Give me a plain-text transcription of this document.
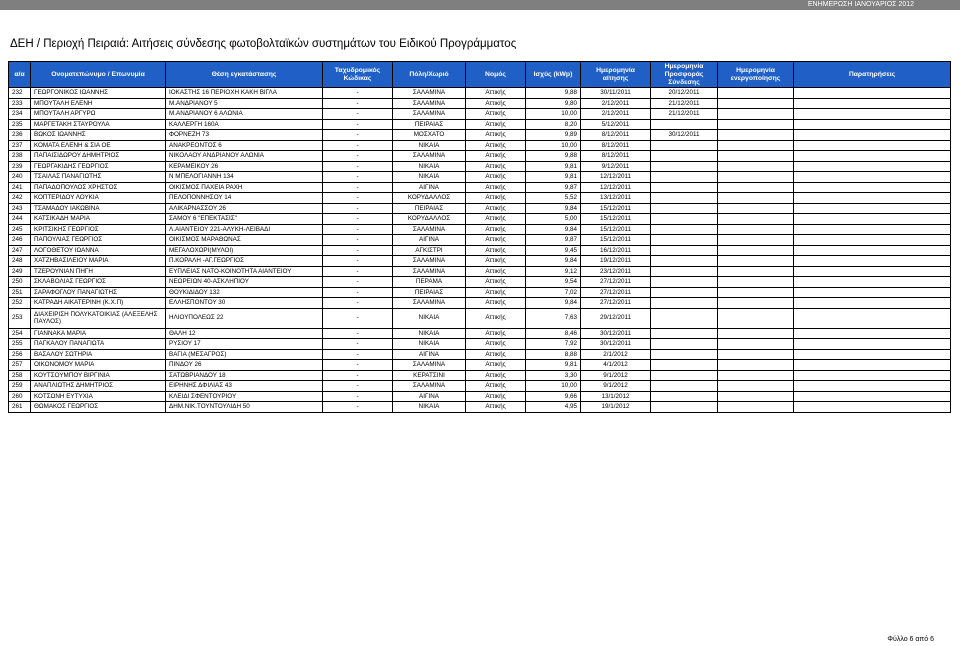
ΕΝΗΜΕΡΩΣΗ ΙΑΝΟΥΑΡΙΟΣ 2012
ΔΕΗ / Περιοχή Πειραιά: Αιτήσεις σύνδεσης φωτοβολταϊκών συστημάτων του Ειδικού Προγράμματος
α/α	Ονοματεπώνυμο / Επωνυμία	Θέση εγκατάστασης	Ταχυδρομικός Κώδικας	Πόλη/Χωριό	Νομός	Ισχύς (kWp)	Ημερομηνία αίτησης	Ημερομηνία Προσφοράς Σύνδεσης	Ημερομηνία ενεργοποίησης	Παρατηρήσεις
232	ΓΕΩΡΓΟΝΙΚΟΣ ΙΩΑΝΝΗΣ	ΙΟΚΑΣΤΗΣ 16 ΠΕΡΙΟΧΗ ΚΑΚΗ ΒΙΓΛΑ	-	ΣΑΛΑΜΙΝΑ	Αττικής	9,88	30/11/2011	20/12/2011		
233	ΜΠΟΥΤΑΛΗ ΕΛΕΝΗ	Μ.ΑΝΔΡΙΑΝΟΥ 5	-	ΣΑΛΑΜΙΝΑ	Αττικής	9,80	2/12/2011	21/12/2011		
234	ΜΠΟΥΤΑΛΗ ΑΡΓΥΡΩ	Μ.ΑΝΔΡΙΑΝΟΥ 6 ΑΛΩΝΙΑ	-	ΣΑΛΑΜΙΝΑ	Αττικής	10,00	2/12/2011	21/12/2011		
235	ΜΑΡΓΕΤΑΚΗ ΣΤΑΥΡΟΥΛΑ	ΚΑΛΛΕΡΓΗ 160Α	-	ΠΕΙΡΑΙΑΣ	Αττικής	8,20	5/12/2011			
236	ΒΩΚΟΣ ΙΩΑΝΝΗΣ	ΦΟΡΝΕΖΗ 73	-	ΜΟΣΧΑΤΟ	Αττικής	9,89	8/12/2011	30/12/2011		
237	ΚΟΜΑΤΑ ΕΛΕΝΗ & ΣΙΑ ΟΕ	ΑΝΑΚΡΕΟΝΤΟΣ 6	-	ΝΙΚΑΙΑ	Αττικής	10,00	8/12/2011			
238	ΠΑΠΑΙΣΙΔΩΡΟΥ ΔΗΜΗΤΡΙΟΣ	ΝΙΚΟΛΑΟΥ ΑΝΔΡΙΑΝΟΥ ΑΛΩΝΙΑ	-	ΣΑΛΑΜΙΝΑ	Αττικής	9,88	8/12/2011			
239	ΓΕΩΡΓΑΚΙΔΗΣ ΓΕΩΡΓΙΟΣ	ΚΕΡΑΜΕΙΚΟΥ 26	-	ΝΙΚΑΙΑ	Αττικής	9,81	9/12/2011			
240	ΤΣΑΙΛΑΣ ΠΑΝΑΓΙΩΤΗΣ	Ν ΜΠΕΛΟΓΙΑΝΝΗ 134	-	ΝΙΚΑΙΑ	Αττικής	9,81	12/12/2011			
241	ΠΑΠΑΔΟΠΟΥΛΟΣ ΧΡΗΣΤΟΣ	ΟΙΚΙΣΜΟΣ ΠΑΧΕΙΑ ΡΑΧΗ	-	ΑΙΓΙΝΑ	Αττικής	9,87	12/12/2011			
242	ΚΟΠΤΕΡΙΔΟΥ ΛΟΥΚΙΑ	ΠΕΛΟΠΟΝΝΗΣΟΥ 14	-	ΚΟΡΥΔΑΛΛΟΣ	Αττικής	5,52	13/12/2011			
243	ΤΣΑΜΑΔΟΥ ΙΑΚΩΒΙΝΑ	ΑΛΙΚΑΡΝΑΣΣΟΥ 26	-	ΠΕΙΡΑΙΑΣ	Αττικής	9,84	15/12/2011			
244	ΚΑΤΣΙΚΑΔΗ ΜΑΡΙΑ	ΣΑΜΟΥ 6 "ΕΠΕΚΤΑΣΙΣ"	-	ΚΟΡΥΔΑΛΛΟΣ	Αττικής	5,00	15/12/2011			
245	ΚΡΙΤΣΙΚΗΣ ΓΕΩΡΓΙΟΣ	Λ.ΑΙΑΝΤΕΙΟΥ 221-ΑΛΥΚΗ-ΛΕΙΒΑΔΙ	-	ΣΑΛΑΜΙΝΑ	Αττικής	9,84	15/12/2011			
246	ΠΑΠΟΥΛΙΑΣ ΓΕΩΡΓΙΟΣ	ΟΙΚΙΣΜΟΣ ΜΑΡΑΘΩΝΑΣ	-	ΑΙΓΙΝΑ	Αττικής	9,87	15/12/2011			
247	ΛΟΓΟΘΕΤΟΥ ΙΩΑΝΝΑ	ΜΕΓΑΛΟΧΩΡΙ(ΜΥΛΟΙ)	-	ΑΓΚΙΣΤΡΙ	Αττικής	9,45	16/12/2011			
248	ΧΑΤΖΗΒΑΣΙΛΕΙΟΥ ΜΑΡΙΑ	Π.ΚΟΡΑΛΗ -ΑΓ.ΓΕΩΡΓΙΟΣ	-	ΣΑΛΑΜΙΝΑ	Αττικής	9,84	19/12/2011			
249	ΤΖΕΡΟΥΝΙΑΝ ΠΗΓΗ	ΕΥΠΛΕΙΑΣ ΝΑΤΟ-ΚΟΙΝΟΤΗΤΑ ΑΙΑΝΤΕΙΟΥ	-	ΣΑΛΑΜΙΝΑ	Αττικής	9,12	23/12/2011			
250	ΣΚΛΑΒΟΛΙΑΣ ΓΕΩΡΓΙΟΣ	ΝΕΩΡΕΙΩΝ 40-ΑΣΚΛΗΠΙΟΥ	-	ΠΕΡΑΜΑ	Αττικής	9,54	27/12/2011			
251	ΣΑΡΑΦΟΓΛΟΥ ΠΑΝΑΓΙΩΤΗΣ	ΘΟΥΚΙΔΙΔΟΥ 132	-	ΠΕΙΡΑΙΑΣ	Αττικής	7,02	27/12/2011			
252	ΚΑΤΡΑΔΗ ΑΙΚΑΤΕΡΙΝΗ (Κ.Χ.Π)	ΕΛΛΗΣΠΟΝΤΟΥ 30	-	ΣΑΛΑΜΙΝΑ	Αττικής	9,84	27/12/2011			
253	ΔΙΑΧΕΙΡΙΣΗ ΠΟΛΥΚΑΤΟΙΚΙΑΣ (ΑΛΕΞΕΛΗΣ ΠΑΥΛΟΣ)	ΗΛΙΟΥΠΟΛΕΩΣ 22	-	ΝΙΚΑΙΑ	Αττικής	7,63	29/12/2011			
254	ΓΙΑΝΝΑΚΑ ΜΑΡΙΑ	ΘΑΛΗ 12	-	ΝΙΚΑΙΑ	Αττικής	8,46	30/12/2011			
255	ΠΑΓΚΑΛΟΥ ΠΑΝΑΓΙΩΤΑ	ΡΥΣΙΟΥ 17	-	ΝΙΚΑΙΑ	Αττικής	7,92	30/12/2011			
256	ΒΑΣΑΛΟΥ ΣΩΤΗΡΙΑ	ΒΑΓΙΑ (ΜΕΣΑΓΡΟΣ)	-	ΑΙΓΙΝΑ	Αττικής	8,88	2/1/2012			
257	ΟΙΚΟΝΟΜΟΥ ΜΑΡΙΑ	ΠΙΝΔΟΥ 26	-	ΣΑΛΑΜΙΝΑ	Αττικής	9,81	4/1/2012			
258	ΚΟΥΤΣΟΥΜΠΟΥ ΒΙΡΓΙΝΙΑ	ΣΑΤΩΒΡΙΑΝΔΟΥ 18	-	ΚΕΡΑΤΣΙΝΙ	Αττικής	3,30	9/1/2012			
259	ΑΝΑΠΛΙΩΤΗΣ ΔΗΜΗΤΡΙΟΣ	ΕΙΡΗΝΗΣ ΔΦΙΛΙΑΣ 43	-	ΣΑΛΑΜΙΝΑ	Αττικής	10,00	9/1/2012			
260	ΚΟΤΣΩΝΗ ΕΥΤΥΧΙΑ	ΚΛΕΙΔΙ ΣΦΕΝΤΟΥΡΙΟΥ	-	ΑΙΓΙΝΑ	Αττικής	9,66	13/1/2012			
261	ΘΩΜΑΚΟΣ ΓΕΩΡΓΙΟΣ	ΔΗΜ.ΝΙΚ.ΤΟΥΝΤΟΥΛΙΔΗ 50	-	ΝΙΚΑΙΑ	Αττικής	4,95	19/1/2012			
Φύλλο 6 από 6
